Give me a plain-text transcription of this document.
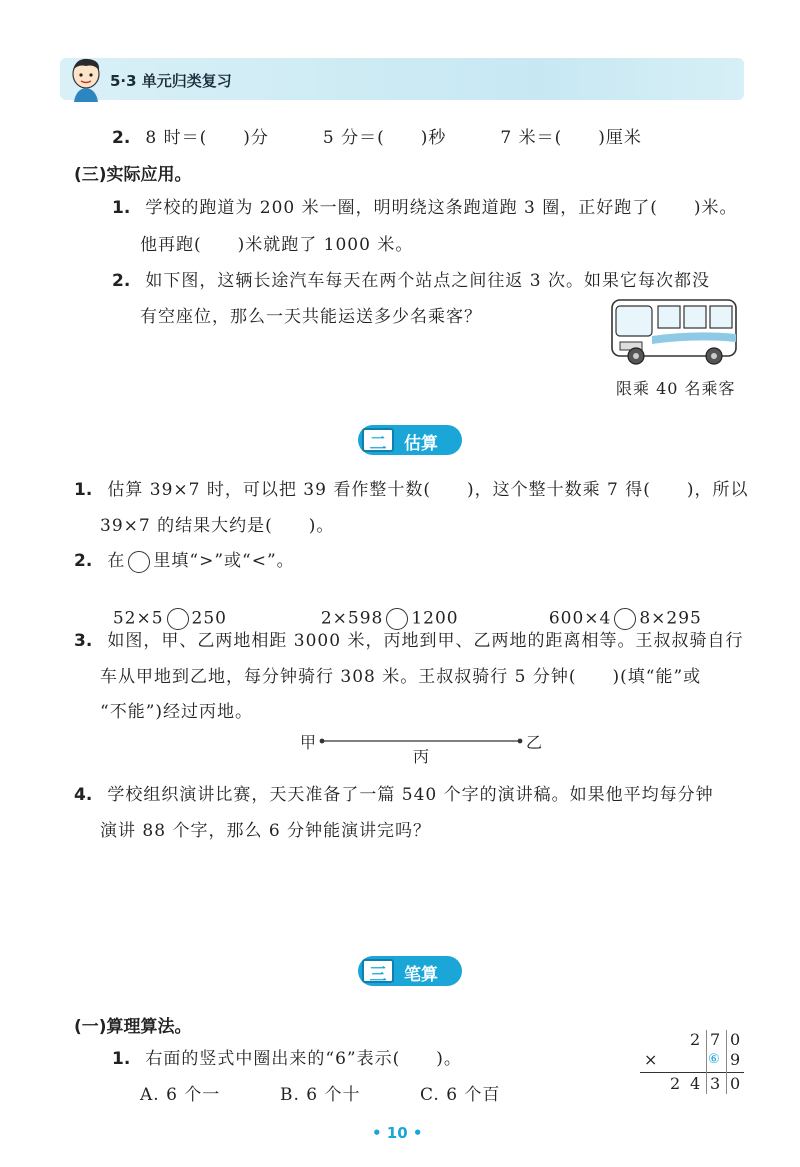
5·3 单元归类复习
2. 8 时＝(　　)分　　　5 分＝(　　)秒　　　7 米＝(　　)厘米
(三)实际应用。
1. 学校的跑道为 200 米一圈，明明绕这条跑道跑 3 圈，正好跑了(　　)米。
他再跑(　　)米就跑了 1000 米。
2. 如下图，这辆长途汽车每天在两个站点之间往返 3 次。如果它每次都没
有空座位，那么一天共能运送多少名乘客？
限乘 40 名乘客
二	估算
1. 估算 39×7 时，可以把 39 看作整十数(　　)，这个整十数乘 7 得(　　)，所以
39×7 的结果大约是(　　)。
2. 在 里填“>”或“<”。

52×5 250	2×598 1200	600×4 8×295

3. 如图，甲、乙两地相距 3000 米，丙地到甲、乙两地的距离相等。王叔叔骑自行
车从甲地到乙地，每分钟骑行 308 米。王叔叔骑行 5 分钟(　　)(填“能”或
“不能”)经过丙地。
甲	乙
丙
4. 学校组织演讲比赛，天天准备了一篇 540 个字的演讲稿。如果他平均每分钟
演讲 88 个字，那么 6 分钟能演讲完吗？
三	笔算
(一)算理算法。
1. 右面的竖式中圈出来的“6”表示(　　)。
A. 6 个一	B. 6 个十	C. 6 个百
2 7 0
×	⑥ 9
2 4 3 0
• 10 •
